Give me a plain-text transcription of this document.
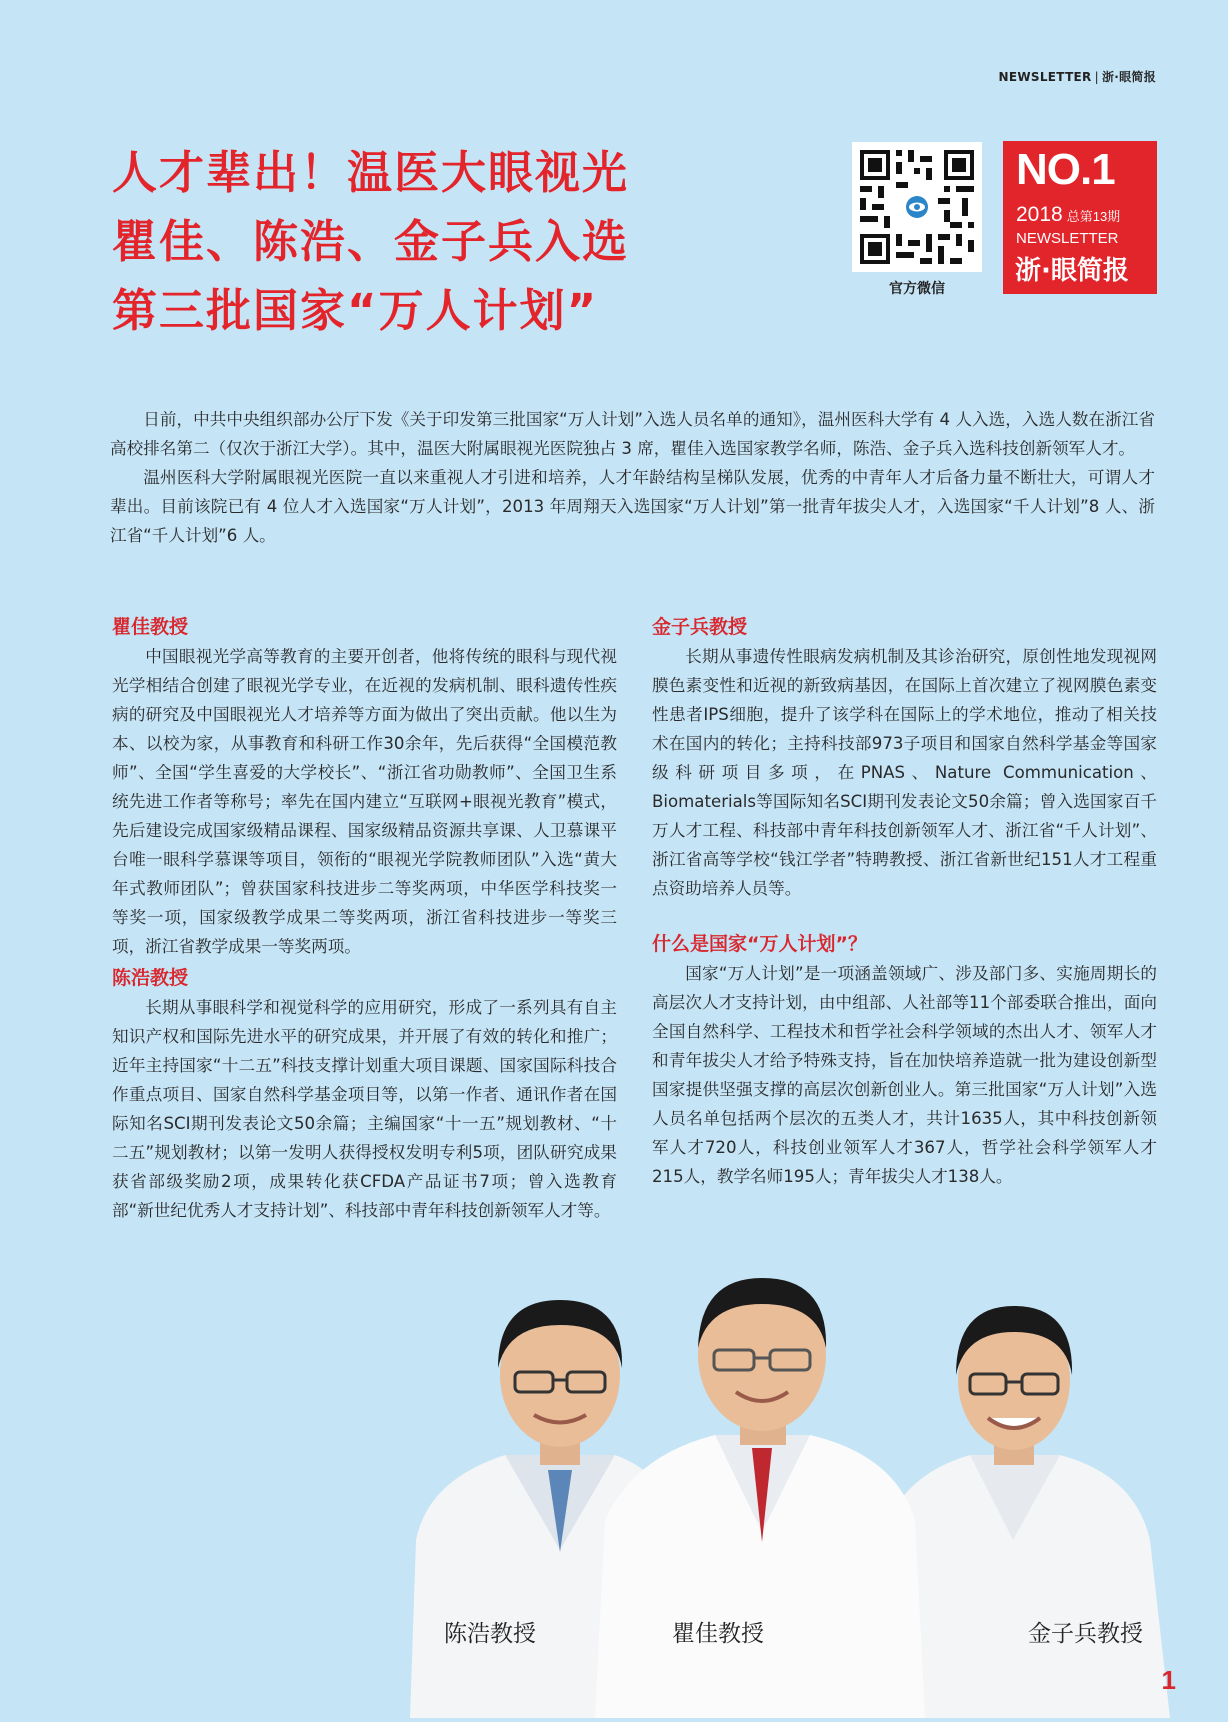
NEWSLETTER | 浙·眼简报
人才辈出！温医大眼视光
瞿佳、陈浩、金子兵入选
第三批国家“万人计划”	官方微信
NO.1
2018 总第13期
NEWSLETTER
浙·眼简报

日前，中共中央组织部办公厅下发《关于印发第三批国家“万人计划”入选人员名单的通知》，温州医科大学有 4 人入选，入选人数在浙江省高校排名第二（仅次于浙江大学）。其中，温医大附属眼视光医院独占 3 席，瞿佳入选国家教学名师，陈浩、金子兵入选科技创新领军人才。

温州医科大学附属眼视光医院一直以来重视人才引进和培养，人才年龄结构呈梯队发展，优秀的中青年人才后备力量不断壮大，可谓人才辈出。目前该院已有 4 位人才入选国家“万人计划”，2013 年周翔天入选国家“万人计划”第一批青年拔尖人才，入选国家“千人计划”8 人、浙江省“千人计划”6 人。

瞿佳教授

中国眼视光学高等教育的主要开创者，他将传统的眼科与现代视光学相结合创建了眼视光学专业，在近视的发病机制、眼科遗传性疾病的研究及中国眼视光人才培养等方面为做出了突出贡献。他以生为本、以校为家，从事教育和科研工作30余年，先后获得“全国模范教师”、全国“学生喜爱的大学校长”、“浙江省功勋教师”、全国卫生系统先进工作者等称号；率先在国内建立“互联网+眼视光教育”模式，先后建设完成国家级精品课程、国家级精品资源共享课、人卫慕课平台唯一眼科学慕课等项目，领衔的“眼视光学院教师团队”入选“黄大年式教师团队”；曾获国家科技进步二等奖两项，中华医学科技奖一等奖一项，国家级教学成果二等奖两项，浙江省科技进步一等奖三项，浙江省教学成果一等奖两项。

陈浩教授

长期从事眼科学和视觉科学的应用研究，形成了一系列具有自主知识产权和国际先进水平的研究成果，并开展了有效的转化和推广；近年主持国家“十二五”科技支撑计划重大项目课题、国家国际科技合作重点项目、国家自然科学基金项目等，以第一作者、通讯作者在国际知名SCI期刊发表论文50余篇；主编国家“十一五”规划教材、“十二五”规划教材；以第一发明人获得授权发明专利5项，团队研究成果获省部级奖励2项，成果转化获CFDA产品证书7项；曾入选教育部“新世纪优秀人才支持计划”、科技部中青年科技创新领军人才等。

金子兵教授

长期从事遗传性眼病发病机制及其诊治研究，原创性地发现视网膜色素变性和近视的新致病基因，在国际上首次建立了视网膜色素变性患者IPS细胞，提升了该学科在国际上的学术地位，推动了相关技术在国内的转化；主持科技部973子项目和国家自然科学基金等国家级科研项目多项，在PNAS、Nature Communication、Biomaterials等国际知名SCI期刊发表论文50余篇；曾入选国家百千万人才工程、科技部中青年科技创新领军人才、浙江省“千人计划”、浙江省高等学校“钱江学者”特聘教授、浙江省新世纪151人才工程重点资助培养人员等。

什么是国家“万人计划”？

国家“万人计划”是一项涵盖领域广、涉及部门多、实施周期长的高层次人才支持计划，由中组部、人社部等11个部委联合推出，面向全国自然科学、工程技术和哲学社会科学领域的杰出人才、领军人才和青年拔尖人才给予特殊支持，旨在加快培养造就一批为建设创新型国家提供坚强支撑的高层次创新创业人。第三批国家“万人计划”入选人员名单包括两个层次的五类人才，共计1635人，其中科技创新领军人才720人，科技创业领军人才367人，哲学社会科学领军人才215人，教学名师195人；青年拔尖人才138人。

陈浩教授	瞿佳教授	金子兵教授
1
